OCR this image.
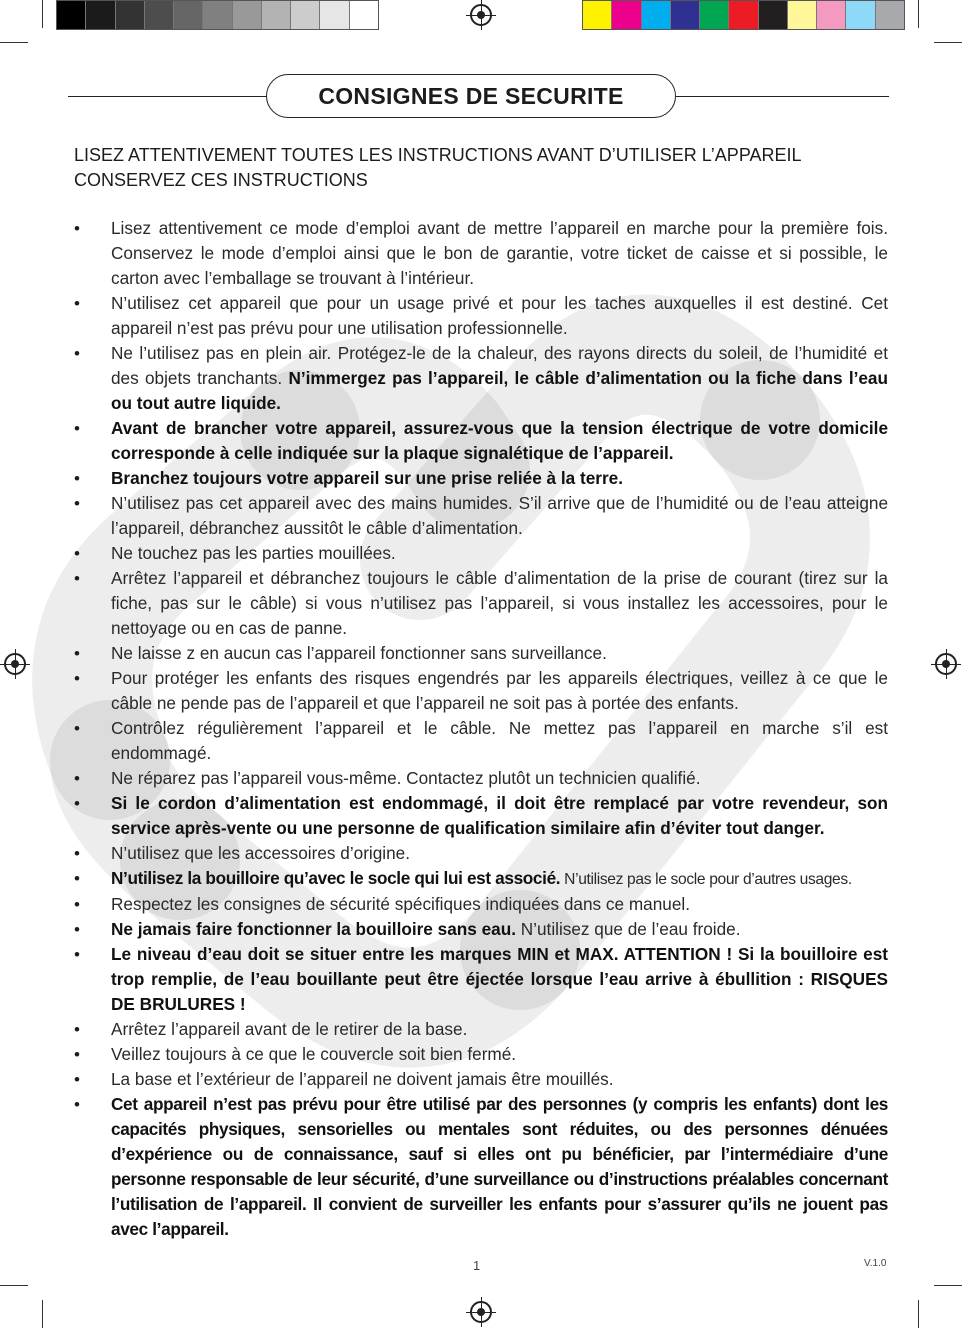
CONSIGNES DE SECURITE
LISEZ ATTENTIVEMENT TOUTES LES INSTRUCTIONS AVANT D’UTILISER L’APPAREIL
CONSERVEZ CES INSTRUCTIONS
•	Lisez attentivement ce mode d’emploi avant de mettre l’appareil en marche pour la première fois. Conservez le mode d’emploi ainsi que le bon de garantie, votre ticket de caisse et si possible, le carton avec l’emballage se trouvant à l’intérieur.
•	N’utilisez cet appareil que pour un usage privé et pour les taches auxquelles il est destiné. Cet appareil n’est pas prévu pour une utilisation professionnelle.
•	Ne l’utilisez pas en plein air. Protégez-le de la chaleur, des rayons directs du soleil, de l’humidité et des objets tranchants. N’immergez pas l’appareil, le câble d’alimentation ou la fiche dans l’eau ou tout autre liquide.
•	Avant de brancher votre appareil, assurez-vous que la tension électrique de votre domicile corresponde à celle indiquée sur la plaque signalétique de l’appareil.
•	Branchez toujours votre appareil sur une prise reliée à la terre.
•	N’utilisez pas cet appareil avec des mains humides. S’il arrive que de l’humidité ou de l’eau atteigne l’appareil, débranchez aussitôt le câble d’alimentation.
•	Ne touchez pas les parties mouillées.
•	Arrêtez l’appareil et débranchez toujours le câble d’alimentation de la prise de courant (tirez sur la fiche, pas sur le câble) si vous n’utilisez pas l’appareil, si vous installez les accessoires, pour le nettoyage ou en cas de panne.
•	Ne laisse z en aucun cas l’appareil fonctionner sans surveillance.
•	Pour protéger les enfants des risques engendrés par les appareils électriques, veillez à ce que le câble ne pende pas de l’appareil et que l’appareil ne soit pas à portée des enfants.
•	Contrôlez régulièrement l’appareil et le câble. Ne mettez pas l’appareil en marche s’il est endommagé.
•	Ne réparez pas l’appareil vous-même. Contactez plutôt un technicien qualifié.
•	Si le cordon d’alimentation est endommagé, il doit être remplacé par votre revendeur, son service après-vente ou une personne de qualification similaire afin d’éviter tout danger.
•	N’utilisez que les accessoires d’origine.
•	N’utilisez la bouilloire qu’avec le socle qui lui est associé. N’utilisez pas le socle pour d’autres usages.
•	Respectez les consignes de sécurité spécifiques indiquées dans ce manuel.
•	Ne jamais faire fonctionner la bouilloire sans eau. N’utilisez que de l’eau froide.
•	Le niveau d’eau doit se situer entre les marques MIN et MAX. ATTENTION ! Si la bouilloire est trop remplie, de l’eau bouillante peut être éjectée lorsque l’eau arrive à ébullition : RISQUES DE BRULURES !
•	Arrêtez l’appareil avant de le retirer de la base.
•	Veillez toujours à ce que le couvercle soit bien fermé.
•	La base et l’extérieur de l’appareil ne doivent jamais être mouillés.
•	Cet appareil n’est pas prévu pour être utilisé par des personnes (y compris les enfants) dont les capacités physiques, sensorielles ou mentales sont réduites, ou des personnes dénuées d’expérience ou de connaissance, sauf si elles ont pu bénéficier, par l’intermédiaire d’une personne responsable de leur sécurité, d’une surveillance ou d’instructions préalables concernant l’utilisation de l’appareil. Il convient de surveiller les enfants pour s’assurer qu’ils ne jouent pas avec l’appareil.
1	V.1.0
